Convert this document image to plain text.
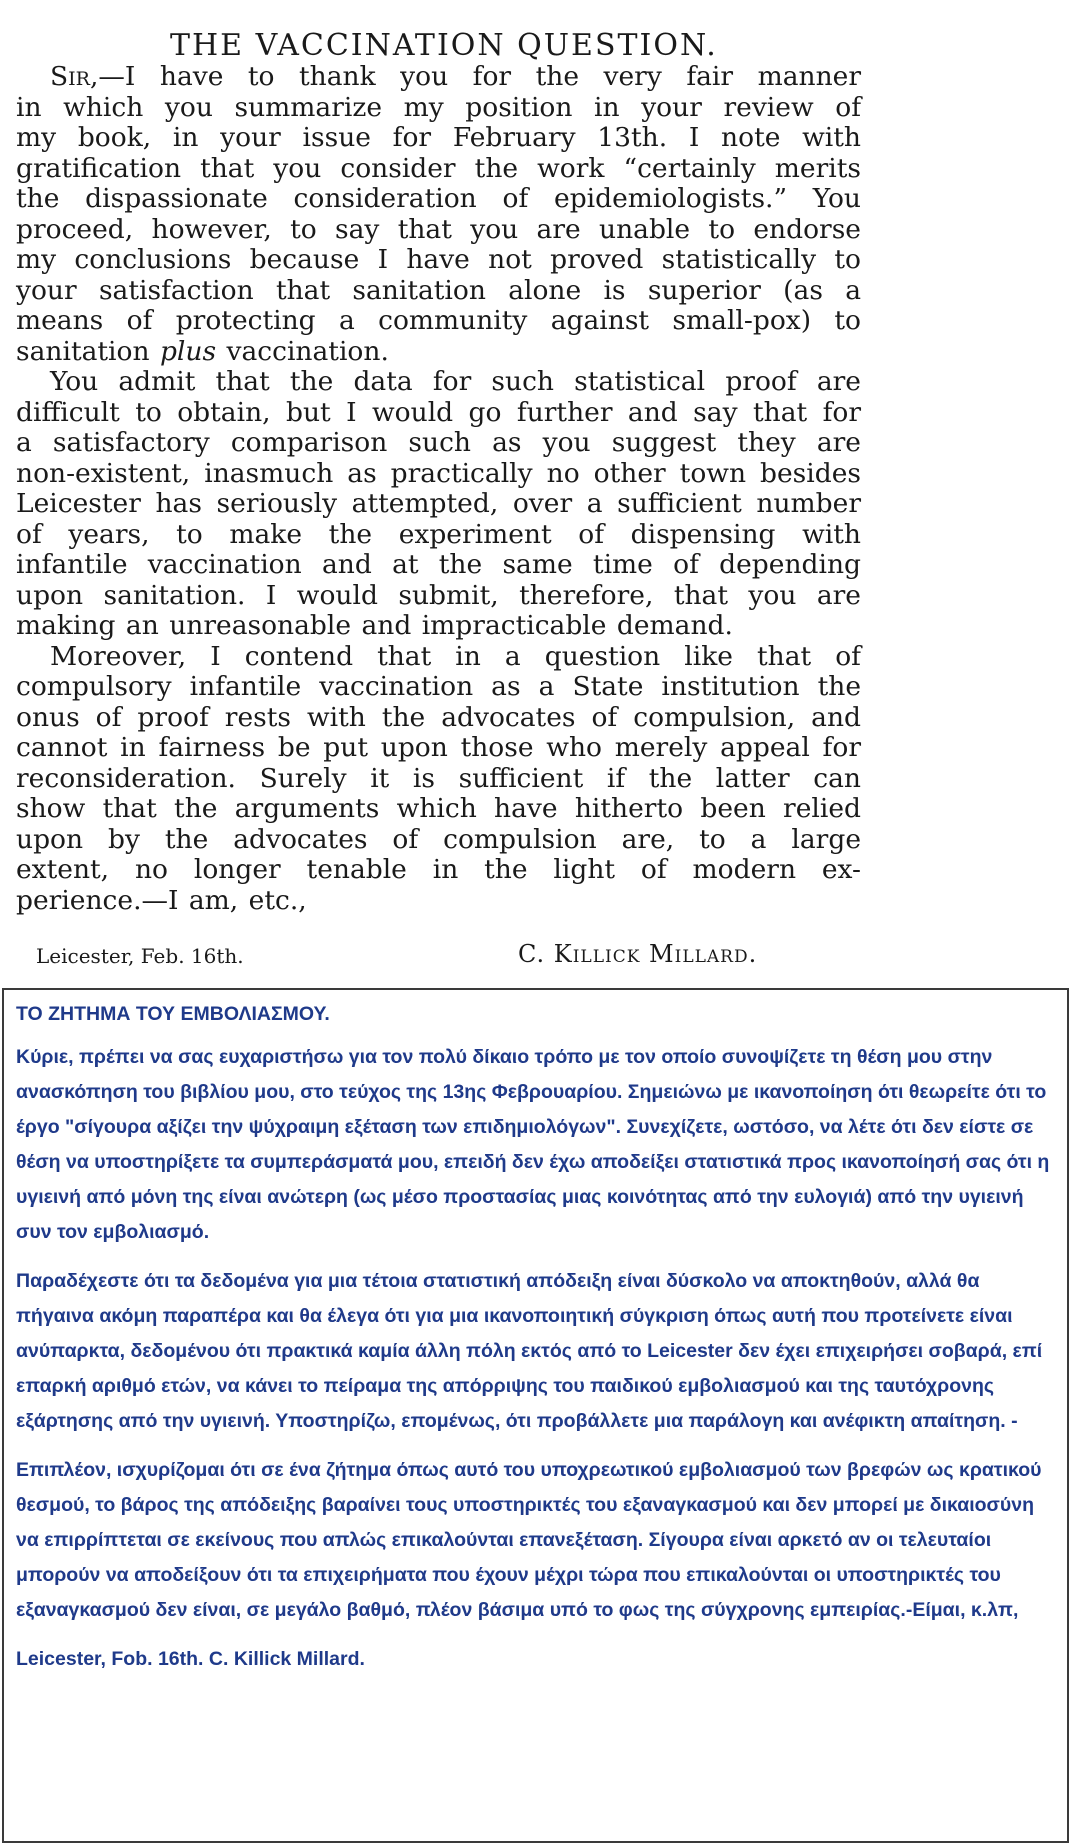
THE VACCINATION QUESTION.
Sir,—I have to thank you for the very fair manner
in which you summarize my position in your review of
my book, in your issue for February 13th. I note with
gratification that you consider the work “certainly merits
the dispassionate consideration of epidemiologists.” You
proceed, however, to say that you are unable to endorse
my conclusions because I have not proved statistically to
your satisfaction that sanitation alone is superior (as a
means of protecting a community against small-pox) to
sanitation plus vaccination.
You admit that the data for such statistical proof are
difficult to obtain, but I would go further and say that for
a satisfactory comparison such as you suggest they are
non-existent, inasmuch as practically no other town besides
Leicester has seriously attempted, over a sufficient number
of years, to make the experiment of dispensing with
infantile vaccination and at the same time of depending
upon sanitation. I would submit, therefore, that you are
making an unreasonable and impracticable demand.
Moreover, I contend that in a question like that of
compulsory infantile vaccination as a State institution the
onus of proof rests with the advocates of compulsion, and
cannot in fairness be put upon those who merely appeal for
reconsideration. Surely it is sufficient if the latter can
show that the arguments which have hitherto been relied
upon by the advocates of compulsion are, to a large
extent, no longer tenable in the light of modern ex-
perience.—I am, etc.,
Leicester, Feb. 16th.	C. Killick Millard.

ΤΟ ΖΗΤΗΜΑ ΤΟΥ ΕΜΒΟΛΙΑΣΜΟΥ.

Κύριε, πρέπει να σας ευχαριστήσω για τον πολύ δίκαιο τρόπο με τον οποίο συνοψίζετε τη θέση μου στην ανασκόπηση του βιβλίου μου, στο τεύχος της 13ης Φεβρουαρίου. Σημειώνω με ικανοποίηση ότι θεωρείτε ότι το έργο "σίγουρα αξίζει την ψύχραιμη εξέταση των επιδημιολόγων". Συνεχίζετε, ωστόσο, να λέτε ότι δεν είστε σε θέση να υποστηρίξετε τα συμπεράσματά μου, επειδή δεν έχω αποδείξει στατιστικά προς ικανοποίησή σας ότι η υγιεινή από μόνη της είναι ανώτερη (ως μέσο προστασίας μιας κοινότητας από την ευλογιά) από την υγιεινή συν τον εμβολιασμό.

Παραδέχεστε ότι τα δεδομένα για μια τέτοια στατιστική απόδειξη είναι δύσκολο να αποκτηθούν, αλλά θα πήγαινα ακόμη παραπέρα και θα έλεγα ότι για μια ικανοποιητική σύγκριση όπως αυτή που προτείνετε είναι ανύπαρκτα, δεδομένου ότι πρακτικά καμία άλλη πόλη εκτός από το Leicester δεν έχει επιχειρήσει σοβαρά, επί επαρκή αριθμό ετών, να κάνει το πείραμα της απόρριψης του παιδικού εμβολιασμού και της ταυτόχρονης εξάρτησης από την υγιεινή. Υποστηρίζω, επομένως, ότι προβάλλετε μια παράλογη και ανέφικτη απαίτηση. -

Επιπλέον, ισχυρίζομαι ότι σε ένα ζήτημα όπως αυτό του υποχρεωτικού εμβολιασμού των βρεφών ως κρατικού θεσμού, το βάρος της απόδειξης βαραίνει τους υποστηρικτές του εξαναγκασμού και δεν μπορεί με δικαιοσύνη να επιρρίπτεται σε εκείνους που απλώς επικαλούνται επανεξέταση. Σίγουρα είναι αρκετό αν οι τελευταίοι μπορούν να αποδείξουν ότι τα επιχειρήματα που έχουν μέχρι τώρα που επικαλούνται οι υποστηρικτές του εξαναγκασμού δεν είναι, σε μεγάλο βαθμό, πλέον βάσιμα υπό το φως της σύγχρονης εμπειρίας.-Είμαι, κ.λπ,

Leicester, Fob. 16th. C. Killick Millard.
